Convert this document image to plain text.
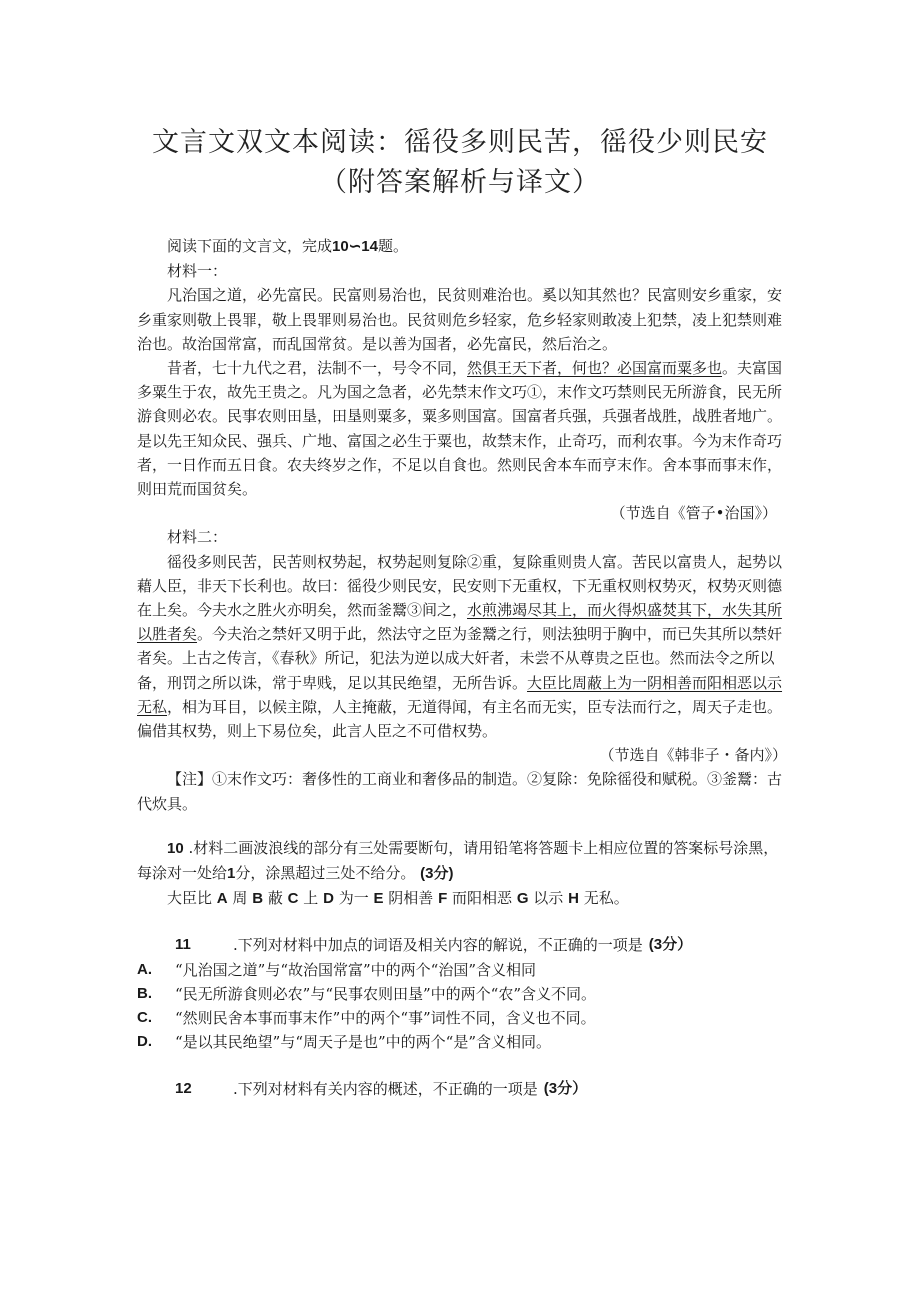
文言文双文本阅读：徭役多则民苦，徭役少则民安
（附答案解析与译文）

阅读下面的文言文，完成10∽14题。

材料一：

凡治国之道，必先富民。民富则易治也，民贫则难治也。奚以知其然也？民富则安乡重家，安乡重家则敬上畏罪，敬上畏罪则易治也。民贫则危乡轻家，危乡轻家则敢凌上犯禁，凌上犯禁则难治也。故治国常富，而乱国常贫。是以善为国者，必先富民，然后治之。

昔者，七十九代之君，法制不一，号令不同，然俱王天下者，何也？必国富而粟多也。夫富国多粟生于农，故先王贵之。凡为国之急者，必先禁末作文巧①，末作文巧禁则民无所游食，民无所游食则必农。民事农则田垦，田垦则粟多，粟多则国富。国富者兵强，兵强者战胜，战胜者地广。是以先王知众民、强兵、广地、富国之必生于粟也，故禁末作，止奇巧，而利农事。今为末作奇巧者，一日作而五日食。农夫终岁之作，不足以自食也。然则民舍本车而亨末作。舍本事而事末作，则田荒而国贫矣。

（节选自《管子•治国》）

材料二：

徭役多则民苦，民苦则权势起，权势起则复除②重，复除重则贵人富。苦民以富贵人，起势以藉人臣，非天下长利也。故曰：徭役少则民安，民安则下无重权，下无重权则权势灭，权势灭则德在上矣。今夫水之胜火亦明矣，然而釜鬵③间之，水煎沸竭尽其上，而火得炽盛焚其下，水失其所以胜者矣。今夫治之禁奸又明于此，然法守之臣为釜鬵之行，则法独明于胸中，而已失其所以禁奸者矣。上古之传言，《春秋》所记，犯法为逆以成大奸者，未尝不从尊贵之臣也。然而法令之所以备，刑罚之所以诛，常于卑贱，足以其民绝望，无所告诉。大臣比周蔽上为一阴相善而阳相恶以示无私，相为耳目，以候主隙，人主掩蔽，无道得闻，有主名而无实，臣专法而行之，周天子走也。偏借其权势，则上下易位矣，此言人臣之不可借权势。

（节选自《韩非子・备内》）

【注】①末作文巧：奢侈性的工商业和奢侈品的制造。②复除：免除徭役和赋税。③釜鬵：古代炊具。

10 .材料二画波浪线的部分有三处需要断句，请用铅笔将答题卡上相应位置的答案标号涂黑，每涂对一处给1分，涂黑超过三处不给分。 (3分)

大臣比 A 周 B 蔽 C 上 D 为一 E 阴相善 F 而阳相恶 G 以示 H 无私。

11	.下列对材料中加点的词语及相关内容的解说，不正确的一项是 (3分）

A.	“凡治国之道”与“故治国常富”中的两个“治国”含义相同
B.	“民无所游食则必农”与“民事农则田垦”中的两个“农”含义不同。
C.	“然则民舍本事而事末作”中的两个“事”词性不同，含义也不同。
D.	“是以其民绝望”与“周天子是也”中的两个“是”含义相同。

12	.下列对材料有关内容的概述，不正确的一项是 (3分）
